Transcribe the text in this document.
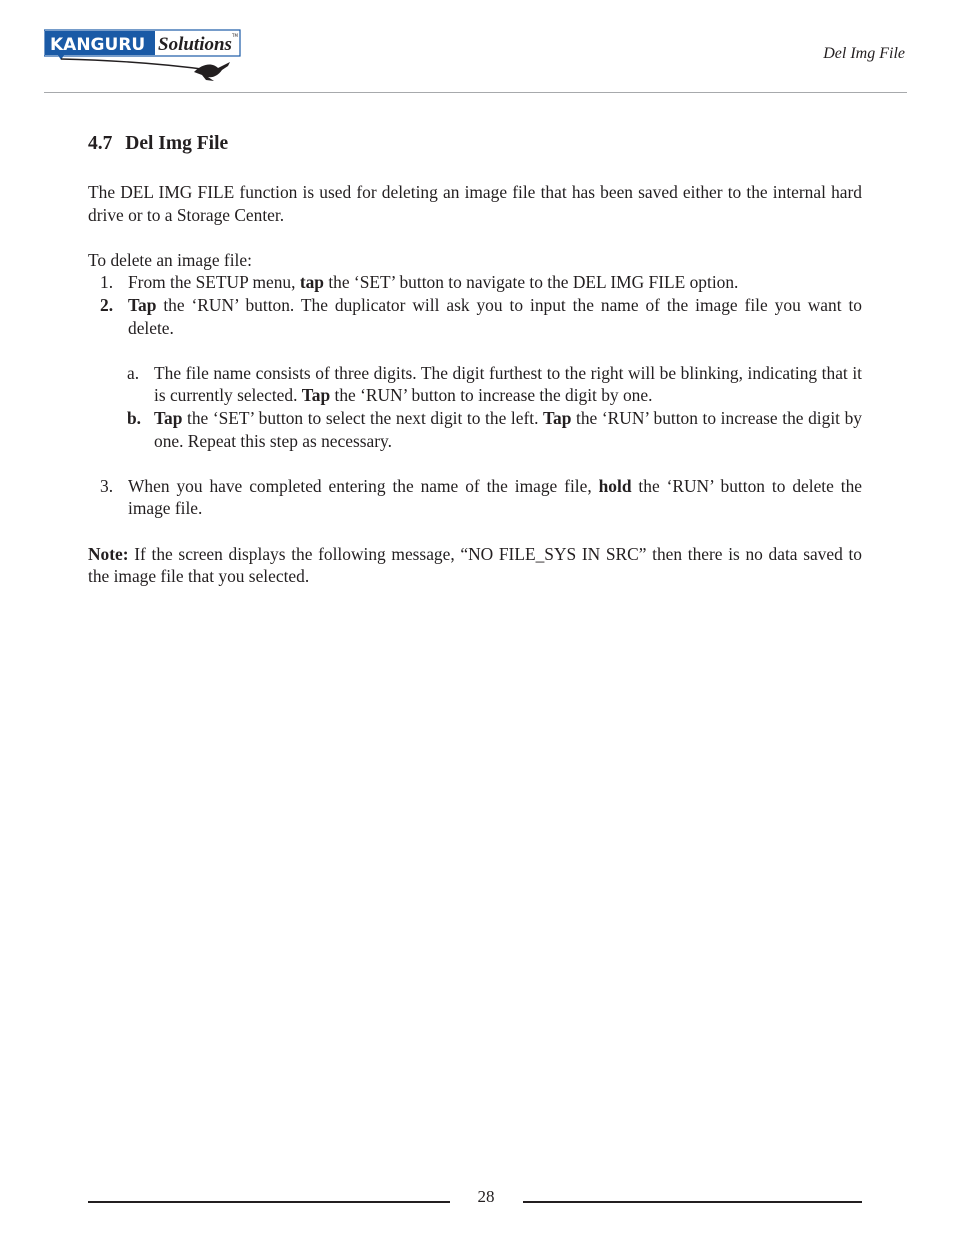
KANGURU Solutions TM
Del Img File
4.7 Del Img File

The DEL IMG FILE function is used for deleting an image file that has been saved either to the internal hard drive or to a Storage Center.

To delete an image file:

1. From the SETUP menu, tap the ‘SET’ button to navigate to the DEL IMG FILE option.
2. Tap the ‘RUN’ button. The duplicator will ask you to input the name of the image file you want to delete.
a. The file name consists of three digits. The digit furthest to the right will be blinking, indicating that it is currently selected. Tap the ‘RUN’ button to increase the digit by one.
b. Tap the ‘SET’ button to select the next digit to the left. Tap the ‘RUN’ button to increase the digit by one. Repeat this step as necessary.
3. When you have completed entering the name of the image file, hold the ‘RUN’ button to delete the image file.

Note: If the screen displays the following message, “NO FILE_SYS IN SRC” then there is no data saved to the image file that you selected.

28
